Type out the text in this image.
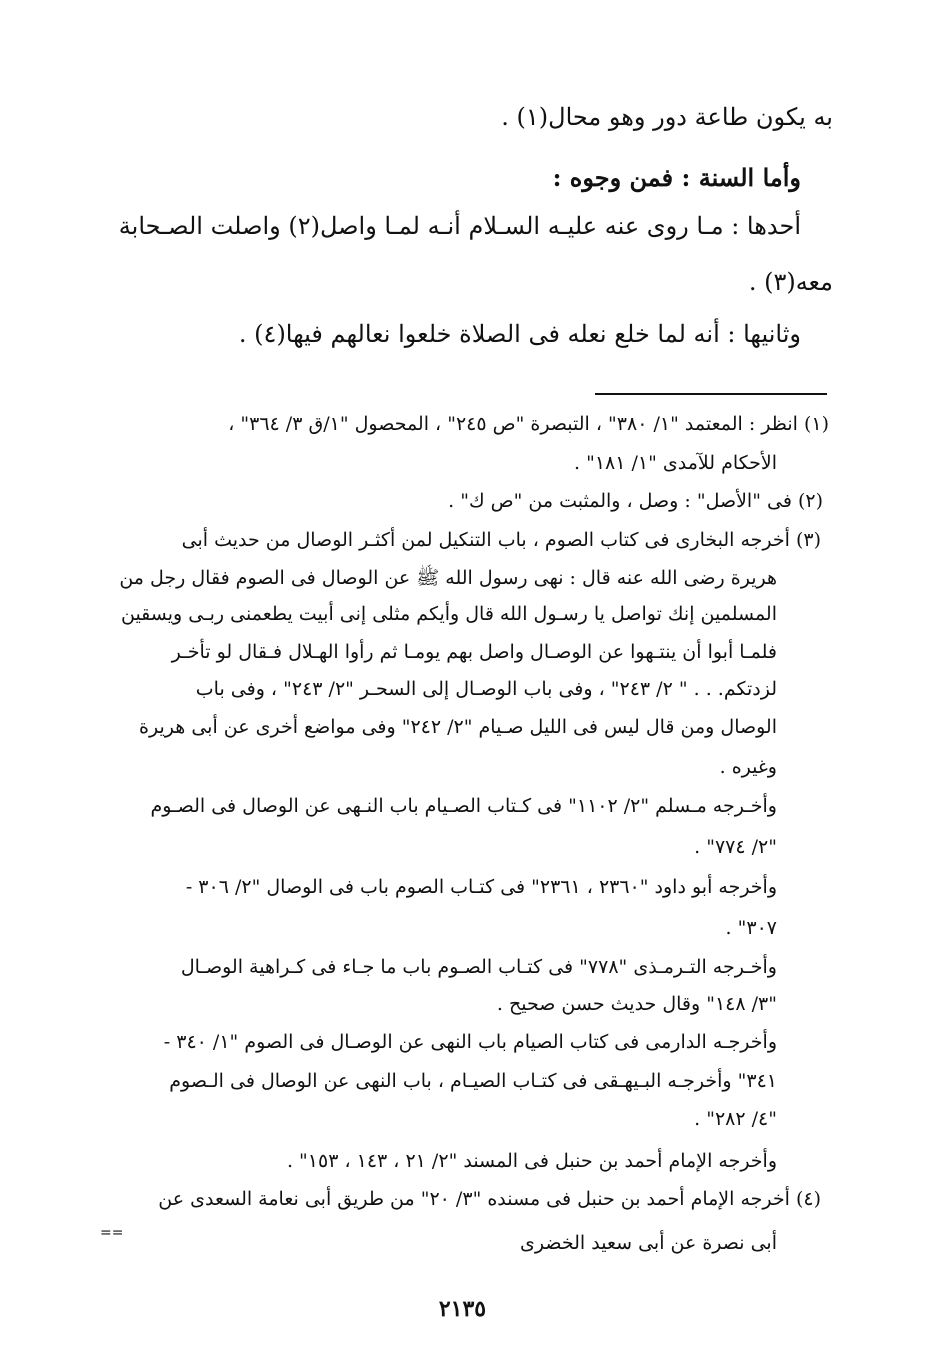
به يكون طاعة دور وهو محال(١) .
وأما السنة : فمن وجوه :
أحدها : مـا روى عنه عليـه السـلام أنـه لمـا واصل(٢) واصلت الصـحابة
معه(٣) .
وثانيها : أنه لما خلع نعله فى الصلاة خلعوا نعالهم فيها(٤) .
(١) انظر : المعتمد "١/ ٣٨٠" ، التبصرة "ص ٢٤٥" ، المحصول "١/ق ٣/ ٣٦٤" ،
الأحكام للآمدى "١/ ١٨١" .
(٢) فى "الأصل" : وصل ، والمثبت من "ص ك" .
(٣) أخرجه البخارى فى كتاب الصوم ، باب التنكيل لمن أكثـر الوصال من حديث أبى
هريرة رضى الله عنه قال : نهى رسول الله ﷺ عن الوصال فى الصوم فقال رجل من
المسلمين إنك تواصل يا رسـول الله قال وأيكم مثلى إنى أبيت يطعمنى ربـى ويسقين
فلمـا أبوا أن ينتـهوا عن الوصـال واصل بهم يومـا ثم رأوا الهـلال فـقال لو تأخـر
لزدتكم. . . " ٢/ ٢٤٣" ، وفى باب الوصـال إلى السحـر "٢/ ٢٤٣" ، وفى باب
الوصال ومن قال ليس فى الليل صـيام "٢/ ٢٤٢" وفى مواضع أخرى عن أبى هريرة
وغيره .
وأخـرجه مـسلم "٢/ ١١٠٢" فى كـتاب الصـيام باب النـهى عن الوصال فى الصـوم
"٢/ ٧٧٤" .
وأخرجه أبو داود "٢٣٦٠ ، ٢٣٦١" فى كتـاب الصوم باب فى الوصال "٢/ ٣٠٦ -
٣٠٧" .
وأخـرجه التـرمـذى "٧٧٨" فى كتـاب الصـوم باب ما جـاء فى كـراهية الوصـال
"٣/ ١٤٨" وقال حديث حسن صحيح .
وأخرجـه الدارمى فى كتاب الصيام باب النهى عن الوصـال فى الصوم "١/ ٣٤٠ -
٣٤١" وأخرجـه البـيهـقى فى كتـاب الصيـام ، باب النهى عن الوصال فى الـصوم
"٤/ ٢٨٢" .
وأخرجه الإمام أحمد بن حنبل فى المسند "٢/ ٢١ ، ١٤٣ ، ١٥٣" .
(٤) أخرجه الإمام أحمد بن حنبل فى مسنده "٣/ ٢٠" من طريق أبى نعامة السعدى عن
أبى نصرة عن أبى سعيد الخضرى
==
٢١٣٥
